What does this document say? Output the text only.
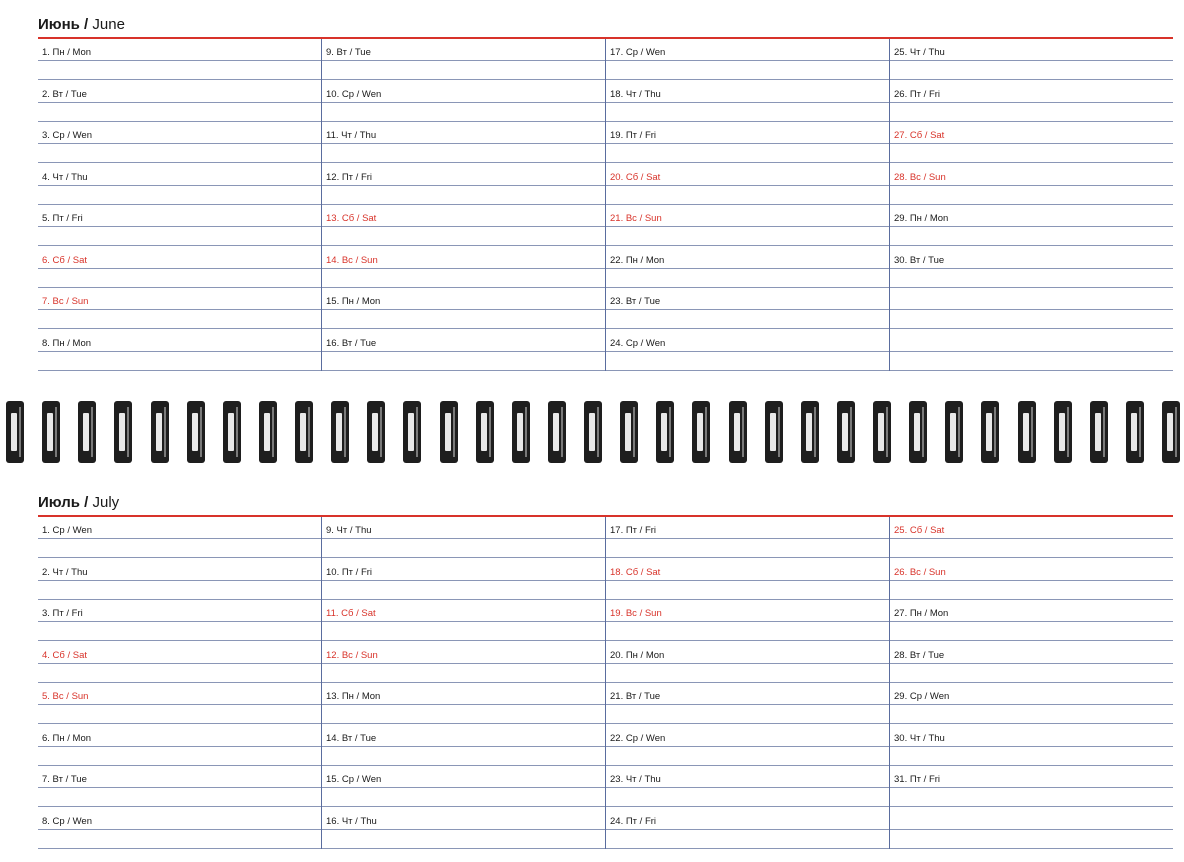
Июнь / June
1. Пн / Mon
2. Вт / Tue
3. Ср / Wen
4. Чт / Thu
5. Пт / Fri
6. Сб / Sat
7. Вс / Sun
8. Пн / Mon
9. Вт / Tue
10. Ср / Wen
11. Чт / Thu
12. Пт / Fri
13. Сб / Sat
14. Вс / Sun
15. Пн / Mon
16. Вт / Tue
17. Ср / Wen
18. Чт / Thu
19. Пт / Fri
20. Сб / Sat
21. Вс / Sun
22. Пн / Mon
23. Вт / Tue
24. Ср / Wen
25. Чт / Thu
26. Пт / Fri
27. Сб / Sat
28. Вс / Sun
29. Пн / Mon
30. Вт / Tue
Июль / July
1. Ср / Wen
2. Чт / Thu
3. Пт / Fri
4. Сб / Sat
5. Вс / Sun
6. Пн / Mon
7. Вт / Tue
8. Ср / Wen
9. Чт / Thu
10. Пт / Fri
11. Сб / Sat
12. Вс / Sun
13. Пн / Mon
14. Вт / Tue
15. Ср / Wen
16. Чт / Thu
17. Пт / Fri
18. Сб / Sat
19. Вс / Sun
20. Пн / Mon
21. Вт / Tue
22. Ср / Wen
23. Чт / Thu
24. Пт / Fri
25. Сб / Sat
26. Вс / Sun
27. Пн / Mon
28. Вт / Tue
29. Ср / Wen
30. Чт / Thu
31. Пт / Fri
